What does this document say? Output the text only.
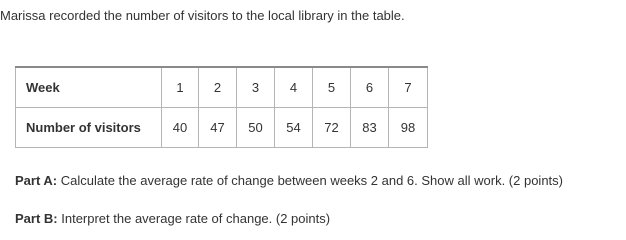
Marissa recorded the number of visitors to the local library in the table.
Week	1	2	3	4	5	6	7
Number of visitors	40	47	50	54	72	83	98
Part A: Calculate the average rate of change between weeks 2 and 6. Show all work. (2 points)
Part B: Interpret the average rate of change. (2 points)
